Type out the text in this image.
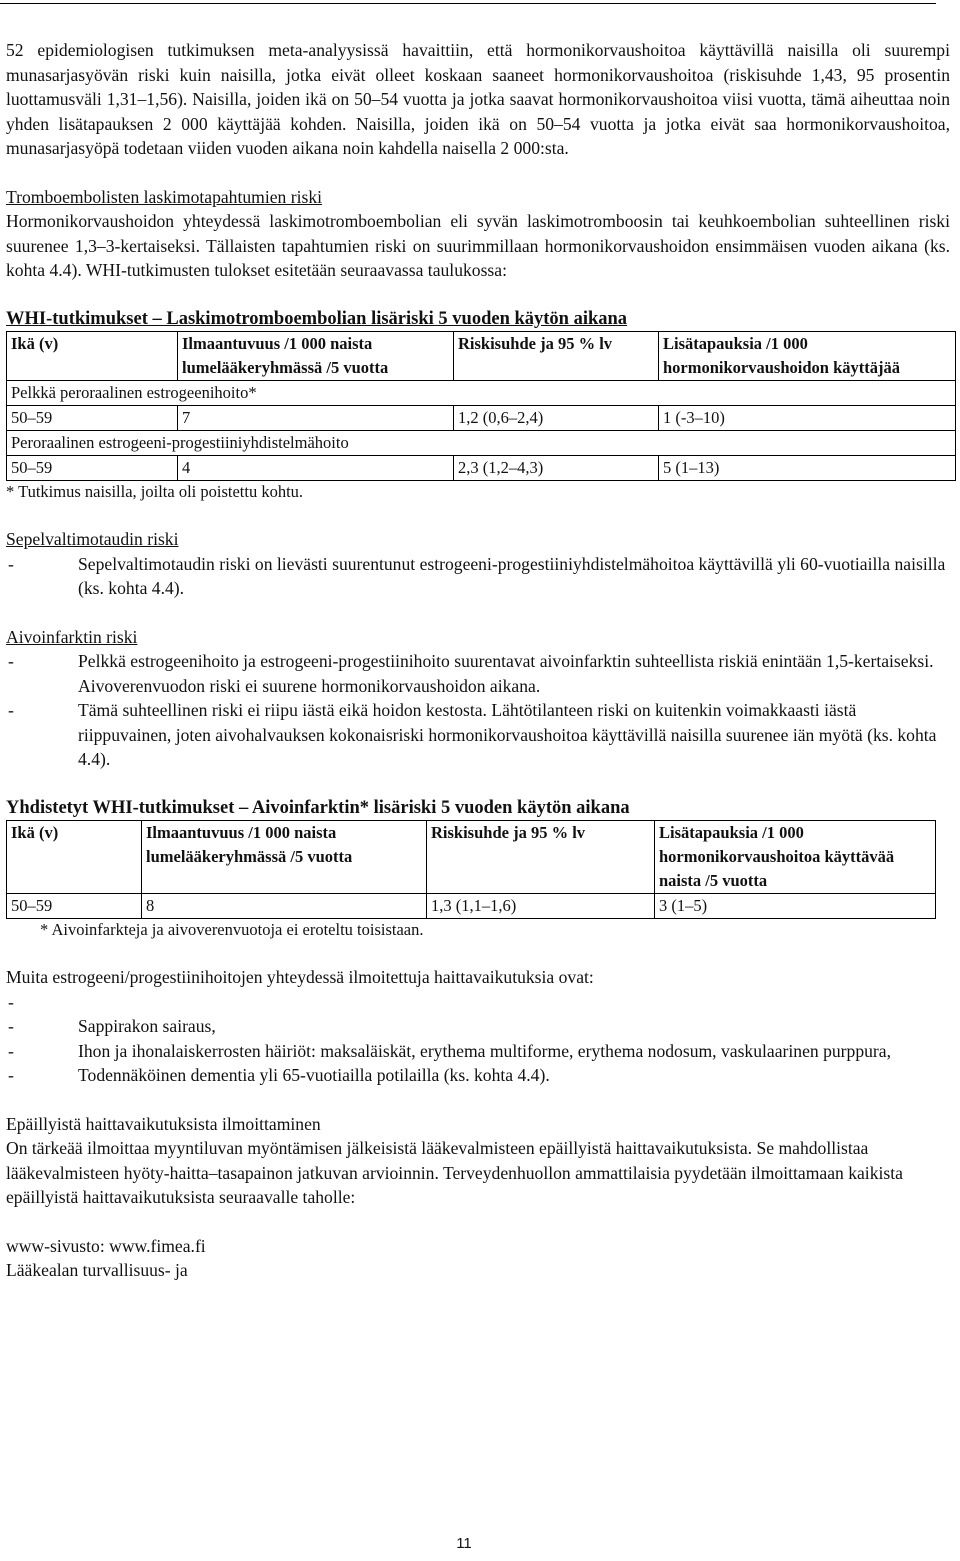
52 epidemiologisen tutkimuksen meta-analyysissä havaittiin, että hormonikorvaushoitoa käyttävillä naisilla oli suurempi munasarjasyövän riski kuin naisilla, jotka eivät olleet koskaan saaneet hormonikorvaushoitoa (riskisuhde 1,43, 95 prosentin luottamusväli 1,31–1,56). Naisilla, joiden ikä on 50–54 vuotta ja jotka saavat hormonikorvaushoitoa viisi vuotta, tämä aiheuttaa noin yhden lisätapauksen 2 000 käyttäjää kohden. Naisilla, joiden ikä on 50–54 vuotta ja jotka eivät saa hormonikorvaushoitoa, munasarjasyöpä todetaan viiden vuoden aikana noin kahdella naisella 2 000:sta.

Tromboembolisten laskimotapahtumien riski

Hormonikorvaushoidon yhteydessä laskimotromboembolian eli syvän laskimotromboosin tai keuhkoembolian suhteellinen riski suurenee 1,3–3-kertaiseksi. Tällaisten tapahtumien riski on suurimmillaan hormonikorvaushoidon ensimmäisen vuoden aikana (ks. kohta 4.4). WHI-tutkimusten tulokset esitetään seuraavassa taulukossa:

WHI-tutkimukset – Laskimotromboembolian lisäriski 5 vuoden käytön aikana

Ikä (v)	Ilmaantuvuus /1 000 naista lumelääkeryhmässä /5 vuotta	Riskisuhde ja 95 % lv	Lisätapauksia /1 000 hormonikorvaushoidon käyttäjää
Pelkkä peroraalinen estrogeenihoito*			
50–59	7	1,2 (0,6–2,4)	1 (-3–10)
Peroraalinen estrogeeni-progestiiniyhdistelmähoito			
50–59	4	2,3 (1,2–4,3)	5 (1–13)

* Tutkimus naisilla, joilta oli poistettu kohtu.

Sepelvaltimotaudin riski

-	Sepelvaltimotaudin riski on lievästi suurentunut estrogeeni-progestiiniyhdistelmähoitoa käyttävillä yli 60-vuotiailla naisilla (ks. kohta 4.4).

Aivoinfarktin riski

-	Pelkkä estrogeenihoito ja estrogeeni-progestiinihoito suurentavat aivoinfarktin suhteellista riskiä enintään 1,5-kertaiseksi. Aivoverenvuodon riski ei suurene hormonikorvaushoidon aikana.
-	Tämä suhteellinen riski ei riipu iästä eikä hoidon kestosta. Lähtötilanteen riski on kuitenkin voimakkaasti iästä riippuvainen, joten aivohalvauksen kokonaisriski hormonikorvaushoitoa käyttävillä naisilla suurenee iän myötä (ks. kohta 4.4).

Yhdistetyt WHI-tutkimukset – Aivoinfarktin* lisäriski 5 vuoden käytön aikana

Ikä (v)	Ilmaantuvuus /1 000 naista lumelääkeryhmässä /5 vuotta	Riskisuhde ja 95 % lv	Lisätapauksia /1 000 hormonikorvaushoitoa käyttävää naista /5 vuotta
50–59	8	1,3 (1,1–1,6)	3 (1–5)

* Aivoinfarkteja ja aivoverenvuotoja ei eroteltu toisistaan.

Muita estrogeeni/progestiinihoitojen yhteydessä ilmoitettuja haittavaikutuksia ovat:

-
-	Sappirakon sairaus,
-	Ihon ja ihonalaiskerrosten häiriöt: maksaläiskät, erythema multiforme, erythema nodosum, vaskulaarinen purppura,
-	Todennäköinen dementia yli 65-vuotiailla potilailla (ks. kohta 4.4).

Epäillyistä haittavaikutuksista ilmoittaminen

On tärkeää ilmoittaa myyntiluvan myöntämisen jälkeisistä lääkevalmisteen epäillyistä haittavaikutuksista. Se mahdollistaa lääkevalmisteen hyöty-haitta–tasapainon jatkuvan arvioinnin. Terveydenhuollon ammattilaisia pyydetään ilmoittamaan kaikista epäillyistä haittavaikutuksista seuraavalle taholle:

www-sivusto: www.fimea.fi

Lääkealan turvallisuus- ja

11
